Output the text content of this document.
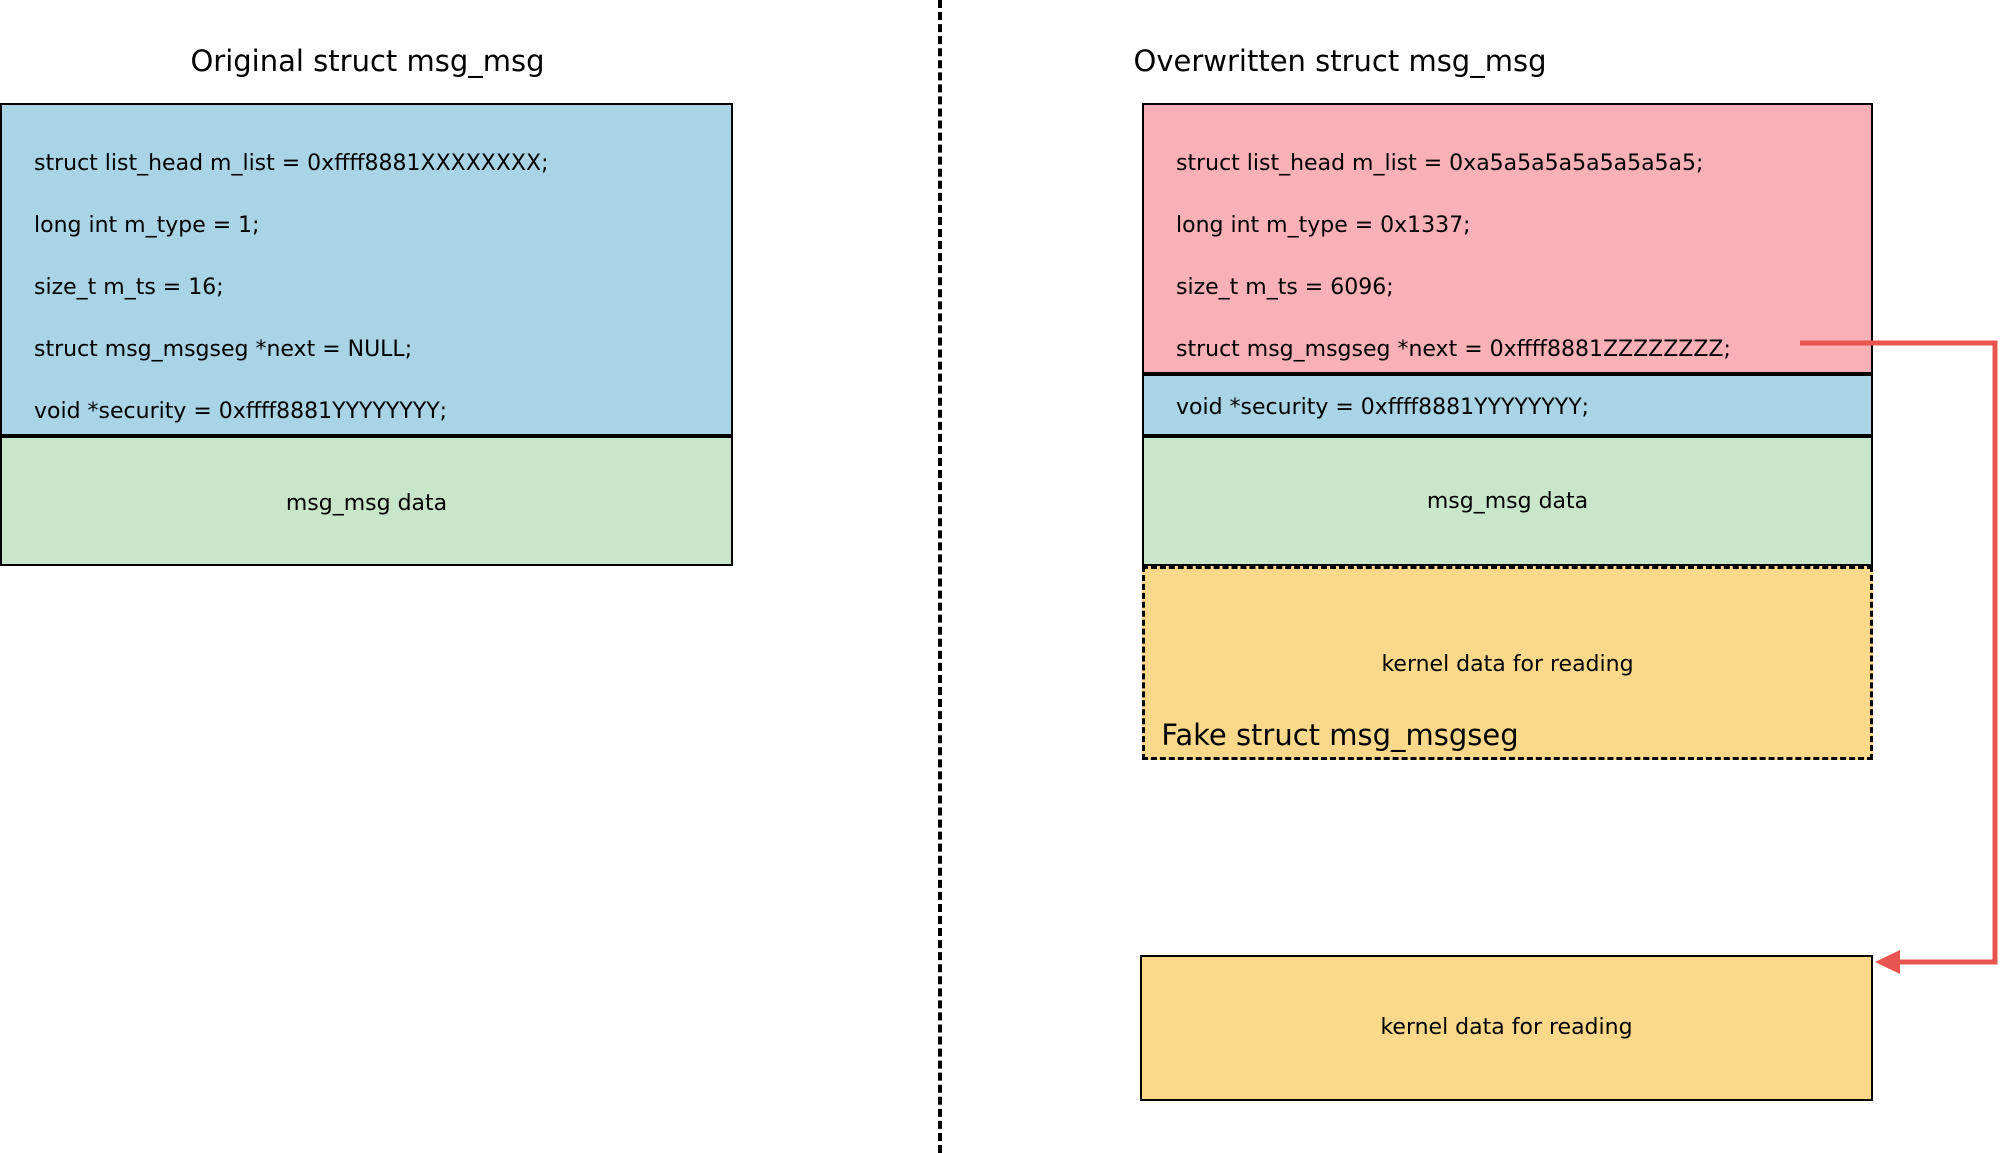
Original struct msg_msg
struct list_head m_list = 0xffff8881XXXXXXXX;
long int m_type = 1;
size_t m_ts = 16;
struct msg_msgseg *next = NULL;
void *security = 0xffff8881YYYYYYYY;
msg_msg data
Overwritten struct msg_msg
struct list_head m_list = 0xa5a5a5a5a5a5a5a5;
long int m_type = 0x1337;
size_t m_ts = 6096;
struct msg_msgseg *next = 0xffff8881ZZZZZZZZ;
void *security = 0xffff8881YYYYYYYY;
msg_msg data
kernel data for reading
Fake struct msg_msgseg
kernel data for reading
